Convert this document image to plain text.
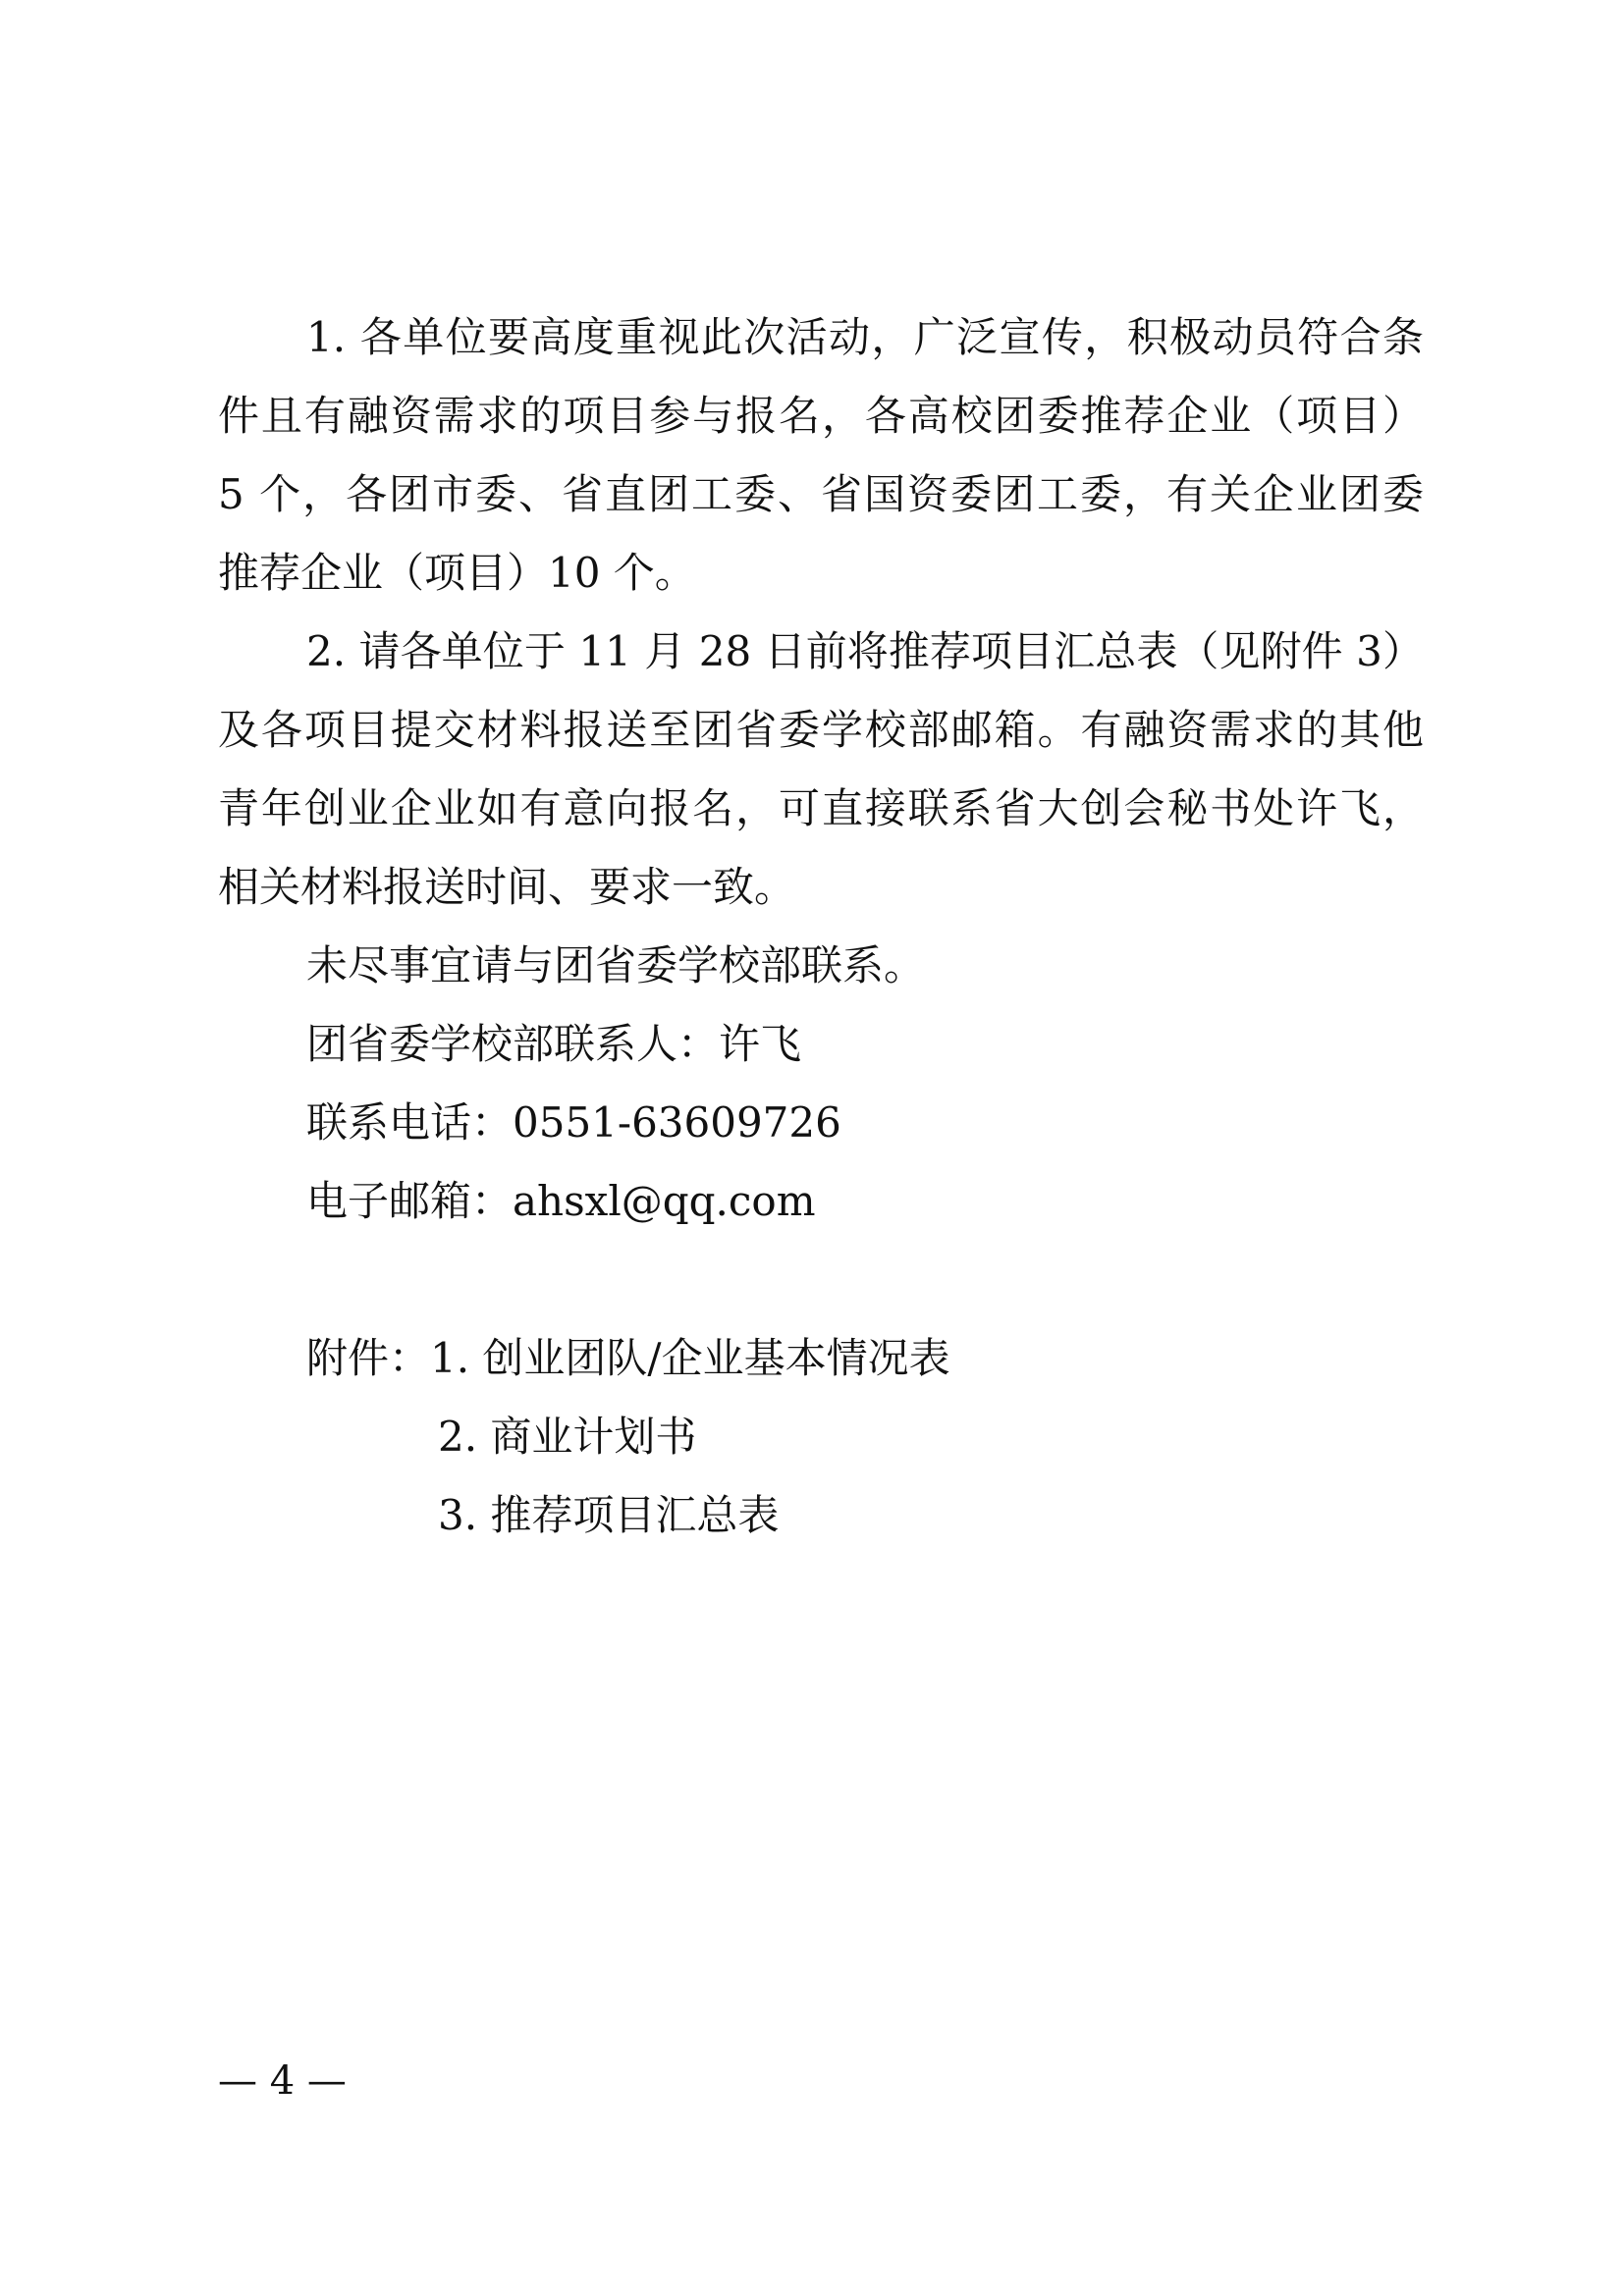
1. 各单位要高度重视此次活动，广泛宣传，积极动员符合条
件且有融资需求的项目参与报名，各高校团委推荐企业（项目）
5 个，各团市委、省直团工委、省国资委团工委，有关企业团委
推荐企业（项目）10 个。
2. 请各单位于 11 月 28 日前将推荐项目汇总表（见附件 3）
及各项目提交材料报送至团省委学校部邮箱。有融资需求的其他
青年创业企业如有意向报名，可直接联系省大创会秘书处许飞，
相关材料报送时间、要求一致。
未尽事宜请与团省委学校部联系。
团省委学校部联系人：许飞
联系电话：0551-63609726
电子邮箱：ahsxl@qq.com
附件：1. 创业团队/企业基本情况表
2. 商业计划书
3. 推荐项目汇总表
— 4 —
